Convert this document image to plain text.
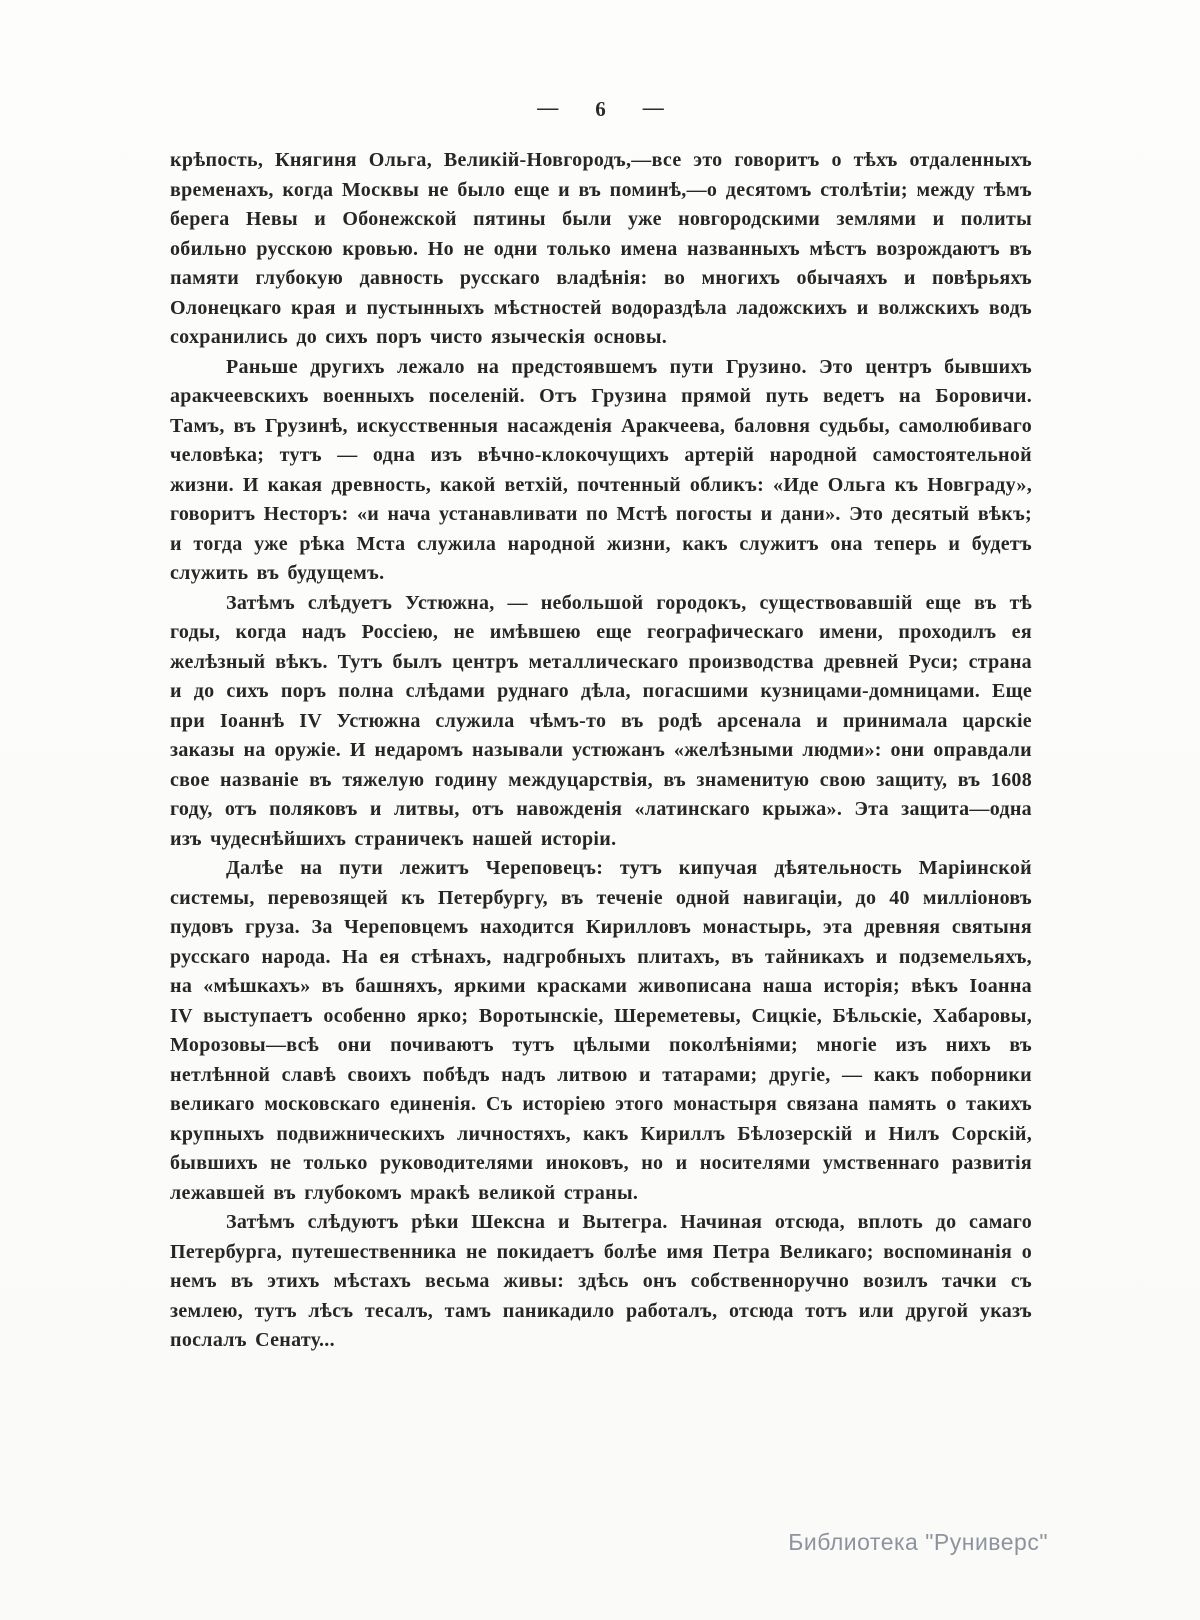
— 6 —

крѣпость, Княгиня Ольга, Великій-Новгородъ,—все это говоритъ о тѣхъ отдаленныхъ временахъ, когда Москвы не было еще и въ поминѣ,—о десятомъ столѣтіи; между тѣмъ берега Невы и Обонежской пятины были уже новгородскими землями и политы обильно русскою кровью. Но не одни только имена названныхъ мѣстъ возрождаютъ въ памяти глубокую давность русскаго владѣнія: во многихъ обычаяхъ и повѣрьяхъ Олонецкаго края и пустынныхъ мѣстностей водораздѣла ладожскихъ и волжскихъ водъ сохранились до сихъ поръ чисто языческія основы.

Раньше другихъ лежало на предстоявшемъ пути Грузино. Это центръ бывшихъ аракчеевскихъ военныхъ поселеній. Отъ Грузина прямой путь ведетъ на Боровичи. Тамъ, въ Грузинѣ, искусственныя насажденія Аракчеева, баловня судьбы, самолюбиваго человѣка; тутъ — одна изъ вѣчно-клокочущихъ артерій народной самостоятельной жизни. И какая древность, какой ветхій, почтенный обликъ: «Иде Ольга къ Новграду», говоритъ Несторъ: «и нача устанавливати по Мстѣ погосты и дани». Это десятый вѣкъ; и тогда уже рѣка Мста служила народной жизни, какъ служитъ она теперь и будетъ служить въ будущемъ.

Затѣмъ слѣдуетъ Устюжна, — небольшой городокъ, существовавшій еще въ тѣ годы, когда надъ Россіею, не имѣвшею еще географическаго имени, проходилъ ея желѣзный вѣкъ. Тутъ былъ центръ металлическаго производства древней Руси; страна и до сихъ поръ полна слѣдами руднаго дѣла, погасшими кузницами-домницами. Еще при Іоаннѣ IV Устюжна служила чѣмъ-то въ родѣ арсенала и принимала царскіе заказы на оружіе. И недаромъ называли устюжанъ «желѣзными людми»: они оправдали свое названіе въ тяжелую годину междуцарствія, въ знаменитую свою защиту, въ 1608 году, отъ поляковъ и литвы, отъ навожденія «латинскаго крыжа». Эта защита—одна изъ чудеснѣйшихъ страничекъ нашей исторіи.

Далѣе на пути лежитъ Череповецъ: тутъ кипучая дѣятельность Маріинской системы, перевозящей къ Петербургу, въ теченіе одной навигаціи, до 40 милліоновъ пудовъ груза. За Череповцемъ находится Кирилловъ монастырь, эта древняя святыня русскаго народа. На ея стѣнахъ, надгробныхъ плитахъ, въ тайникахъ и подземельяхъ, на «мѣшкахъ» въ башняхъ, яркими красками живописана наша исторія; вѣкъ Іоанна IV выступаетъ особенно ярко; Воротынскіе, Шереметевы, Сицкіе, Бѣльскіе, Хабаровы, Морозовы—всѣ они почиваютъ тутъ цѣлыми поколѣніями; многіе изъ нихъ въ нетлѣнной славѣ своихъ побѣдъ надъ литвою и татарами; другіе, — какъ поборники великаго московскаго единенія. Съ исторіею этого монастыря связана память о такихъ крупныхъ подвижническихъ личностяхъ, какъ Кириллъ Бѣлозерскій и Нилъ Сорскій, бывшихъ не только руководителями иноковъ, но и носителями умственнаго развитія лежавшей въ глубокомъ мракѣ великой страны.

Затѣмъ слѣдуютъ рѣки Шексна и Вытегра. Начиная отсюда, вплоть до самаго Петербурга, путешественника не покидаетъ болѣе имя Петра Великаго; воспоминанія о немъ въ этихъ мѣстахъ весьма живы: здѣсь онъ собственноручно возилъ тачки съ землею, тутъ лѣсъ тесалъ, тамъ паникадило работалъ, отсюда тотъ или другой указъ послалъ Сенату...

Библиотека "Руниверс"
